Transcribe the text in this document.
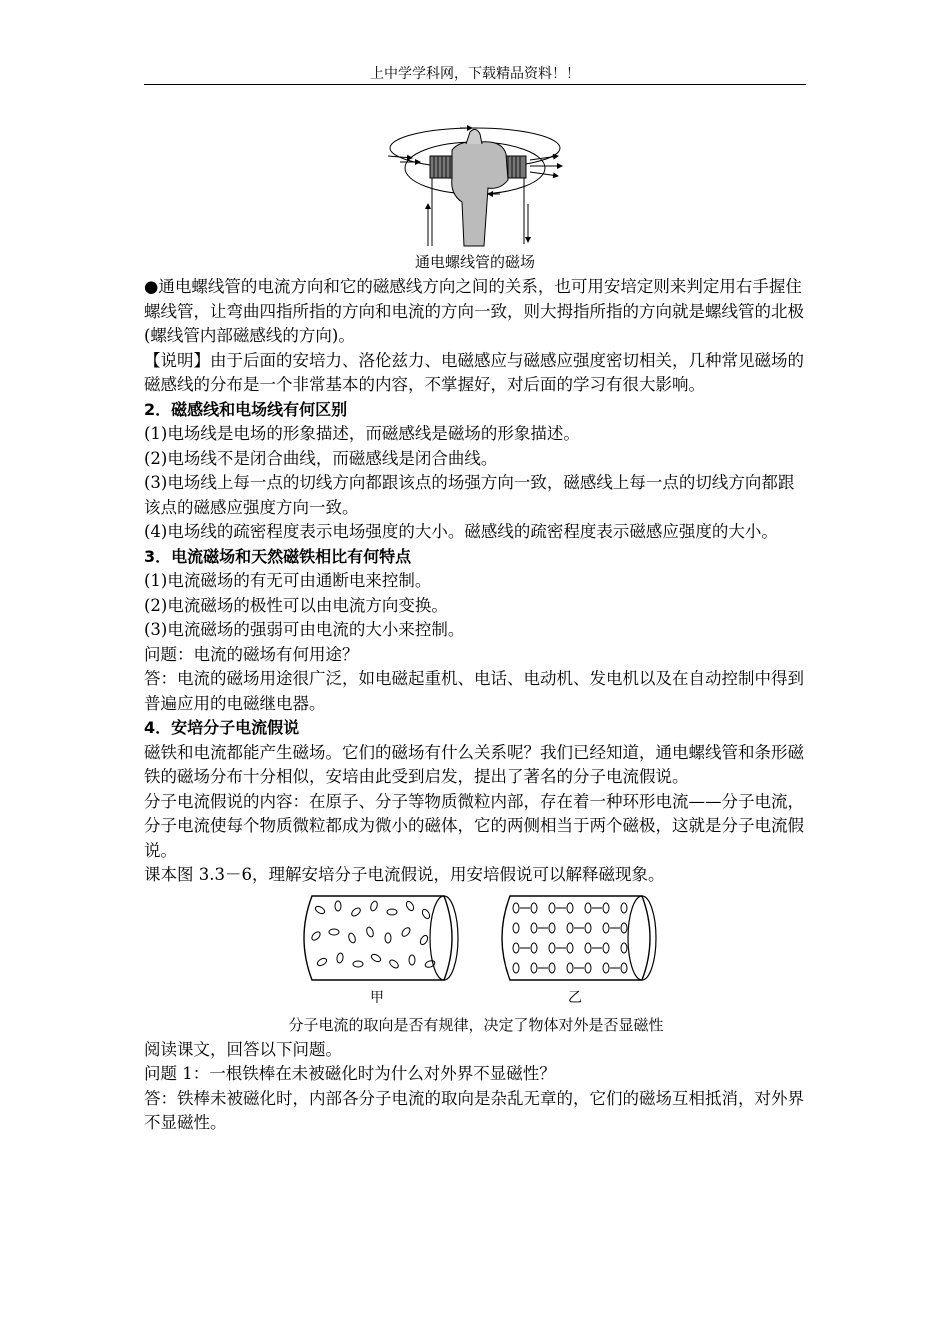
上中学学科网，下载精品资料！！
通电螺线管的磁场

●通电螺线管的电流方向和它的磁感线方向之间的关系，也可用安培定则来判定用右手握住螺线管，让弯曲四指所指的方向和电流的方向一致，则大拇指所指的方向就是螺线管的北极(螺线管内部磁感线的方向)。

【说明】由于后面的安培力、洛伦兹力、电磁感应与磁感应强度密切相关，几种常见磁场的磁感线的分布是一个非常基本的内容，不掌握好，对后面的学习有很大影响。

2．磁感线和电场线有何区别

(1)电场线是电场的形象描述，而磁感线是磁场的形象描述。

(2)电场线不是闭合曲线，而磁感线是闭合曲线。

(3)电场线上每一点的切线方向都跟该点的场强方向一致，磁感线上每一点的切线方向都跟该点的磁感应强度方向一致。

(4)电场线的疏密程度表示电场强度的大小。磁感线的疏密程度表示磁感应强度的大小。

3．电流磁场和天然磁铁相比有何特点

(1)电流磁场的有无可由通断电来控制。

(2)电流磁场的极性可以由电流方向变换。

(3)电流磁场的强弱可由电流的大小来控制。

问题：电流的磁场有何用途？

答：电流的磁场用途很广泛，如电磁起重机、电话、电动机、发电机以及在自动控制中得到普遍应用的电磁继电器。

4．安培分子电流假说

磁铁和电流都能产生磁场。它们的磁场有什么关系呢？我们已经知道，通电螺线管和条形磁铁的磁场分布十分相似，安培由此受到启发，提出了著名的分子电流假说。

分子电流假说的内容：在原子、分子等物质微粒内部，存在着一种环形电流——分子电流，分子电流使每个物质微粒都成为微小的磁体，它的两侧相当于两个磁极，这就是分子电流假说。

课本图 3.3－6，理解安培分子电流假说，用安培假说可以解释磁现象。

甲	乙

分子电流的取向是否有规律，决定了物体对外是否显磁性

阅读课文，回答以下问题。

问题 1：一根铁棒在未被磁化时为什么对外界不显磁性？

答：铁棒未被磁化时，内部各分子电流的取向是杂乱无章的，它们的磁场互相抵消，对外界不显磁性。
